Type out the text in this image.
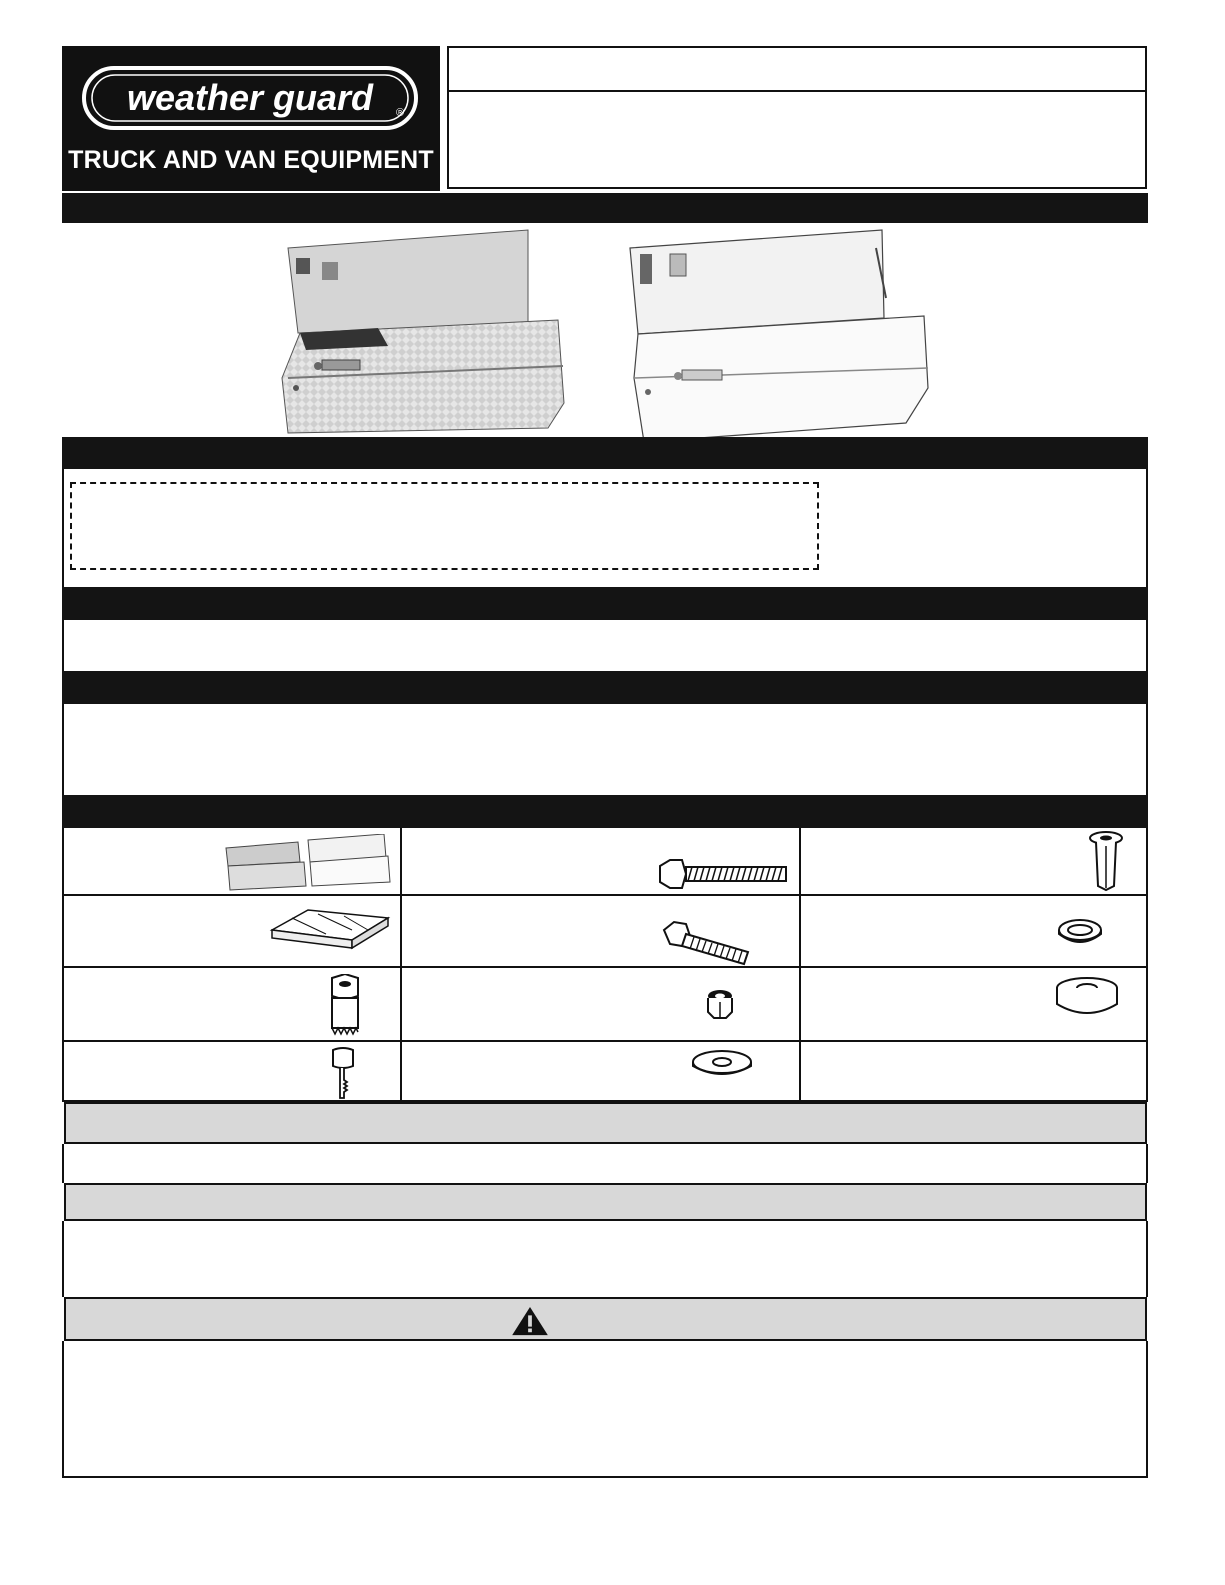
weather guard ®
TRUCK AND VAN EQUIPMENT
